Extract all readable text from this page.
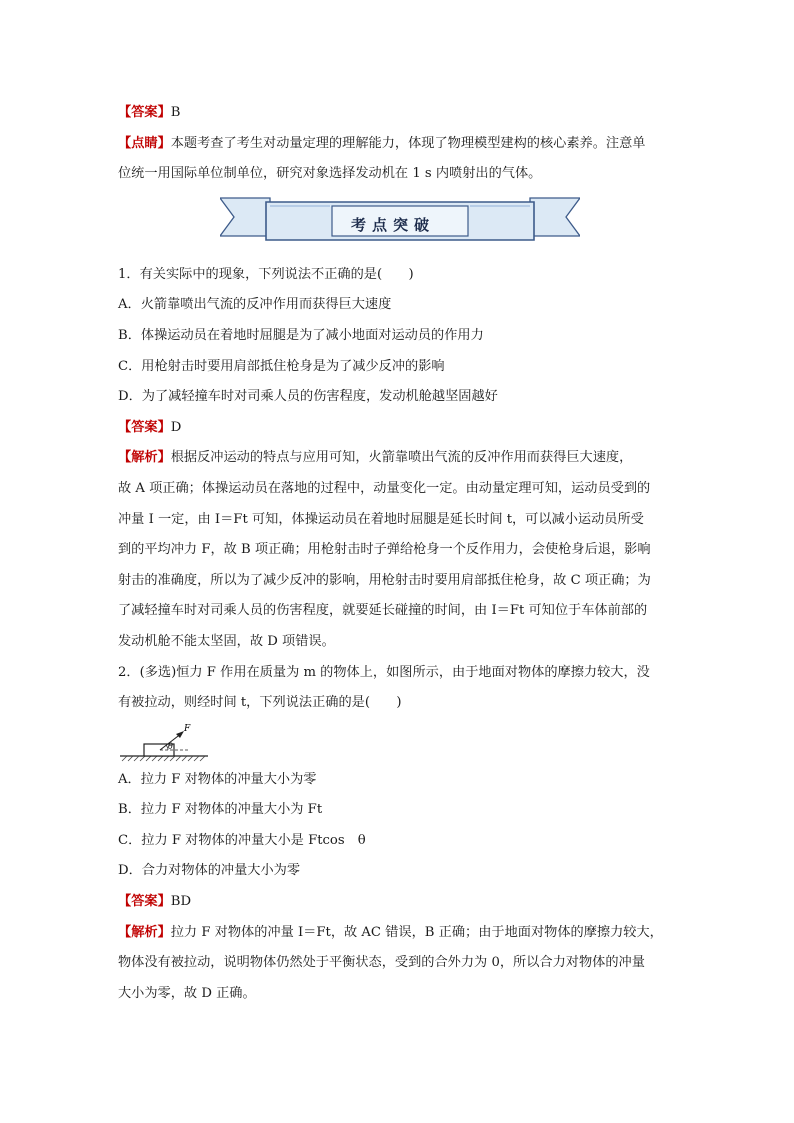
【答案】B
【点睛】本题考查了考生对动量定理的理解能力，体现了物理模型建构的核心素养。注意单
位统一用国际单位制单位，研究对象选择发动机在 1 s 内喷射出的气体。
考点突破
1．有关实际中的现象，下列说法不正确的是(　　)
A．火箭靠喷出气流的反冲作用而获得巨大速度
B．体操运动员在着地时屈腿是为了减小地面对运动员的作用力
C．用枪射击时要用肩部抵住枪身是为了减少反冲的影响
D．为了减轻撞车时对司乘人员的伤害程度，发动机舱越坚固越好
【答案】D
【解析】根据反冲运动的特点与应用可知，火箭靠喷出气流的反冲作用而获得巨大速度，
故 A 项正确；体操运动员在落地的过程中，动量变化一定。由动量定理可知，运动员受到的
冲量 I 一定，由 I＝Ft 可知，体操运动员在着地时屈腿是延长时间 t，可以减小运动员所受
到的平均冲力 F，故 B 项正确；用枪射击时子弹给枪身一个反作用力，会使枪身后退，影响
射击的准确度，所以为了减少反冲的影响，用枪射击时要用肩部抵住枪身，故 C 项正确；为
了减轻撞车时对司乘人员的伤害程度，就要延长碰撞的时间，由 I＝Ft 可知位于车体前部的
发动机舱不能太坚固，故 D 项错误。
2．(多选)恒力 F 作用在质量为 m 的物体上，如图所示，由于地面对物体的摩擦力较大，没
有被拉动，则经时间 t，下列说法正确的是(　　)
F
θ
A．拉力 F 对物体的冲量大小为零
B．拉力 F 对物体的冲量大小为 Ft
C．拉力 F 对物体的冲量大小是 Ftcos　θ
D．合力对物体的冲量大小为零
【答案】BD
【解析】拉力 F 对物体的冲量 I＝Ft，故 AC 错误，B 正确；由于地面对物体的摩擦力较大，
物体没有被拉动，说明物体仍然处于平衡状态，受到的合外力为 0，所以合力对物体的冲量
大小为零，故 D 正确。
